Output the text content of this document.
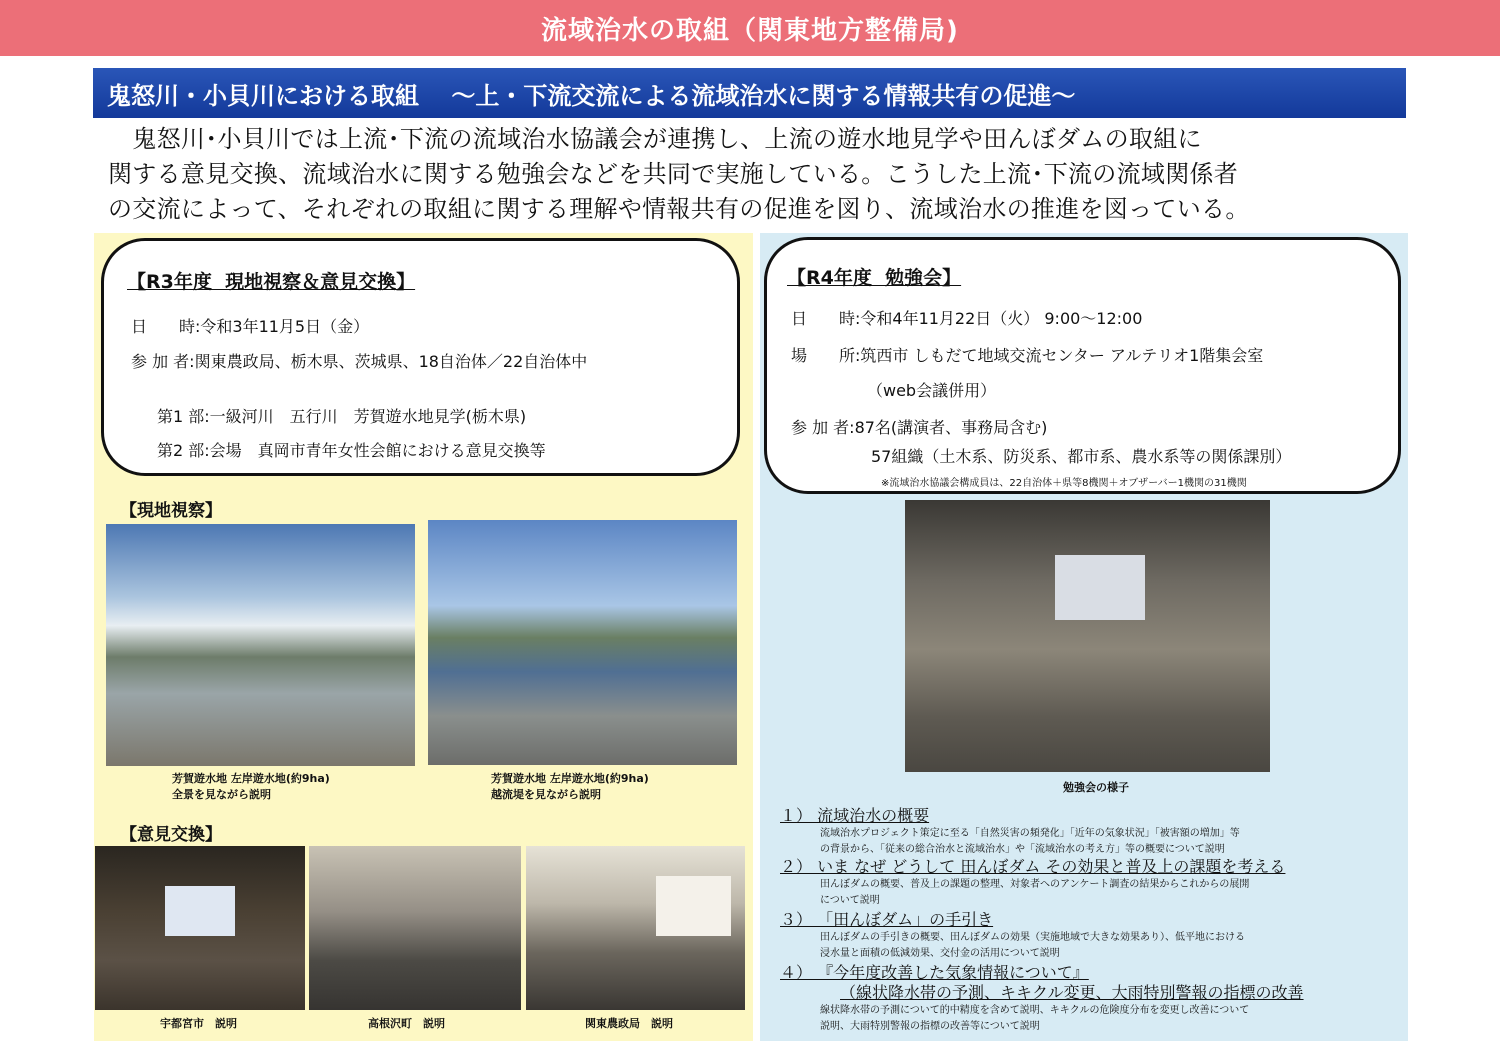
流域治水の取組（関東地方整備局)
鬼怒川・小貝川における取組　 ～上・下流交流による流域治水に関する情報共有の促進～

　鬼怒川･小貝川では上流･下流の流域治水協議会が連携し、上流の遊水地見学や田んぼダムの取組に

関する意見交換、流域治水に関する勉強会などを共同で実施している。こうした上流･下流の流域関係者

の交流によって、それぞれの取組に関する理解や情報共有の促進を図り、流域治水の推進を図っている。

【R3年度  現地視察＆意見交換】
日　　時:令和3年11月5日（金）
参 加 者:関東農政局、栃木県、茨城県、18自治体／22自治体中
第1 部:一級河川　五行川　芳賀遊水地見学(栃木県)
第2 部:会場　真岡市青年女性会館における意見交換等
【R4年度  勉強会】
日　　時:令和4年11月22日（火） 9:00～12:00
場　　所:筑西市 しもだて地域交流センター アルテリオ1階集会室
（web会議併用）
参 加 者:87名(講演者、事務局含む)
57組織（土木系、防災系、都市系、農水系等の関係課別）
※流域治水協議会構成員は、22自治体＋県等8機関＋オブザーバー1機関の31機関
【現地視察】
芳賀遊水地 左岸遊水地(約9ha)
全景を見ながら説明
芳賀遊水地 左岸遊水地(約9ha)
越流堤を見ながら説明
【意見交換】
宇都宮市　説明	高根沢町　説明	関東農政局　説明
勉強会の様子
１） 流域治水の概要
流域治水プロジェクト策定に至る「自然災害の頻発化」「近年の気象状況」「被害額の増加」等
の背景から、「従来の総合治水と流域治水」や「流域治水の考え方」等の概要について説明
２） いま なぜ どうして 田んぼダム その効果と普及上の課題を考える
田んぼダムの概要、普及上の課題の整理、対象者へのアンケート調査の結果からこれからの展開
について説明
３） 「田んぼダム」の手引き
田んぼダムの手引きの概要、田んぼダムの効果（実施地域で大きな効果あり）、低平地における
浸水量と面積の低減効果、交付金の活用について説明
４） 『今年度改善した気象情報について』
（線状降水帯の予測、キキクル変更、大雨特別警報の指標の改善
線状降水帯の予測について的中精度を含めて説明、キキクルの危険度分布を変更し改善について
説明、大雨特別警報の指標の改善等について説明
